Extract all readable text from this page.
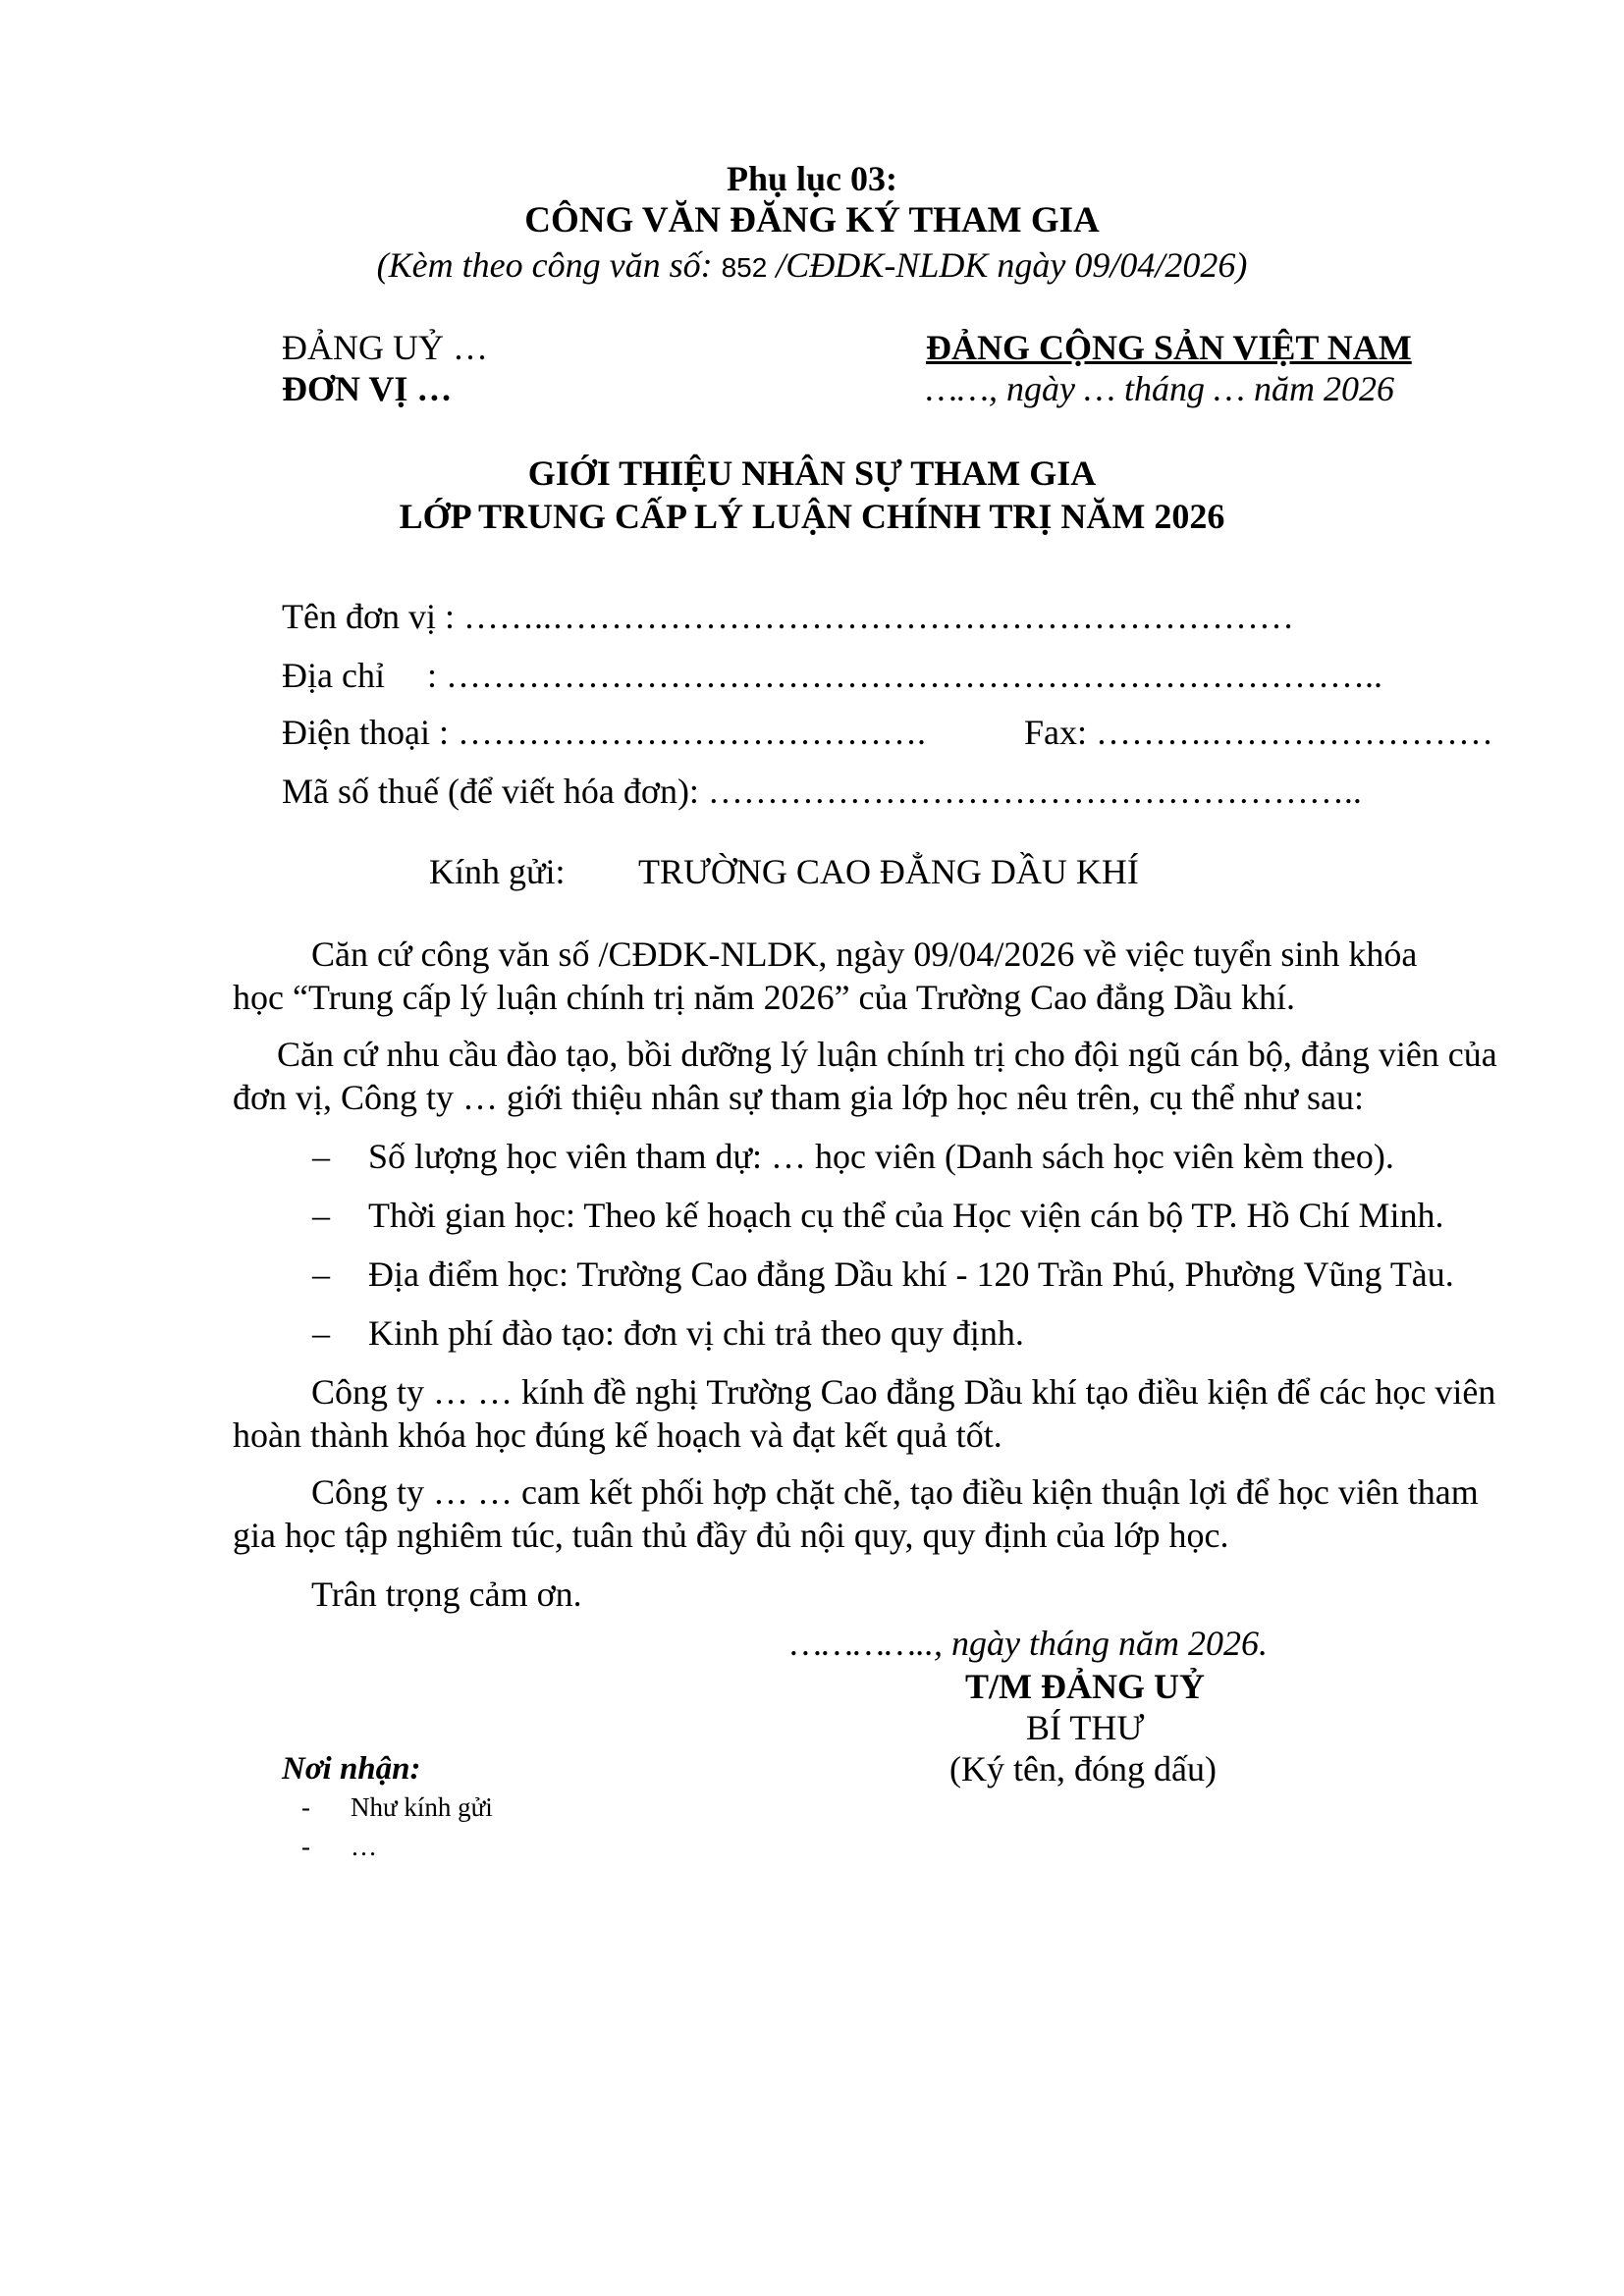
Phụ lục 03:
CÔNG VĂN ĐĂNG KÝ THAM GIA
(Kèm theo công văn số: 852 /CĐDK-NLDK ngày 09/04/2026)
ĐẢNG UỶ …
ĐƠN VỊ …
ĐẢNG CỘNG SẢN VIỆT NAM
……, ngày … tháng … năm 2026
GIỚI THIỆU NHÂN SỰ THAM GIA
LỚP TRUNG CẤP LÝ LUẬN CHÍNH TRỊ NĂM 2026
Tên đơn vị : ……..………………………………………………………
Địa chỉ : ……………………………………………………………………..
Điện thoại : ………………………………….	Fax: ……….……………………
Mã số thuế (để viết hóa đơn): ………………………………………………..
Kính gửi: TRƯỜNG CAO ĐẲNG DẦU KHÍ
Căn cứ công văn số /CĐDK-NLDK, ngày 09/04/2026 về việc tuyển sinh khóa
học “Trung cấp lý luận chính trị năm 2026” của Trường Cao đẳng Dầu khí.
Căn cứ nhu cầu đào tạo, bồi dưỡng lý luận chính trị cho đội ngũ cán bộ, đảng viên của
đơn vị, Công ty … giới thiệu nhân sự tham gia lớp học nêu trên, cụ thể như sau:
– Số lượng học viên tham dự: … học viên (Danh sách học viên kèm theo).
– Thời gian học: Theo kế hoạch cụ thể của Học viện cán bộ TP. Hồ Chí Minh.
– Địa điểm học: Trường Cao đẳng Dầu khí - 120 Trần Phú, Phường Vũng Tàu.
– Kinh phí đào tạo: đơn vị chi trả theo quy định.
Công ty … … kính đề nghị Trường Cao đẳng Dầu khí tạo điều kiện để các học viên
hoàn thành khóa học đúng kế hoạch và đạt kết quả tốt.
Công ty … … cam kết phối hợp chặt chẽ, tạo điều kiện thuận lợi để học viên tham
gia học tập nghiêm túc, tuân thủ đầy đủ nội quy, quy định của lớp học.
Trân trọng cảm ơn.
………….., ngày tháng năm 2026.
T/M ĐẢNG UỶ
BÍ THƯ
(Ký tên, đóng dấu)
Nơi nhận:
- Như kính gửi
- …
